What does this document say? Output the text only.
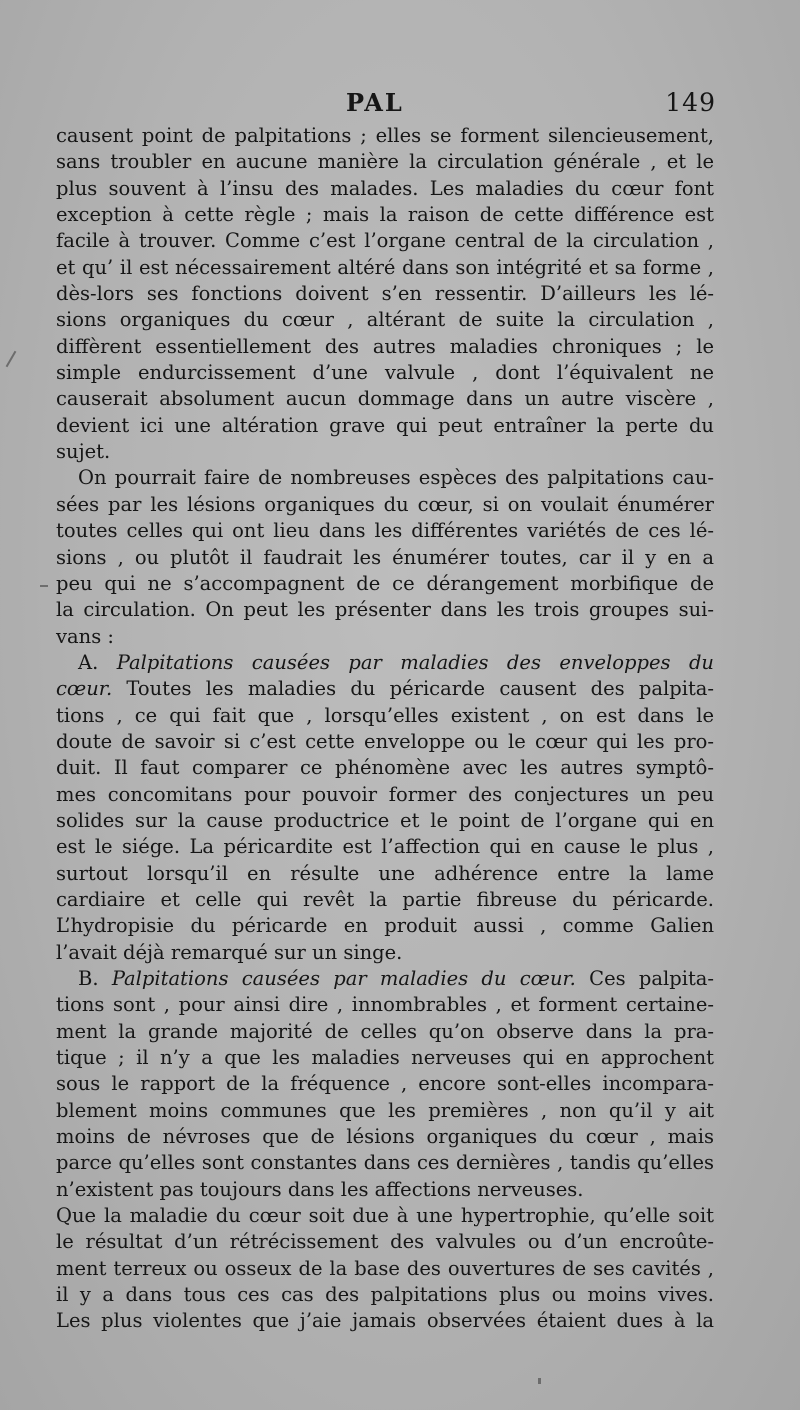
PAL	149
causent point de palpitations ; elles se forment silencieusement,
sans troubler en aucune manière la circulation générale , et le
plus souvent à l’insu des malades. Les maladies du cœur font
exception à cette règle ; mais la raison de cette différence est
facile à trouver. Comme c’est l’organe central de la circulation ,
et qu’ il est nécessairement altéré dans son intégrité et sa forme ,
dès-lors ses fonctions doivent s’en ressentir. D’ailleurs les lé-
sions organiques du cœur , altérant de suite la circulation ,
diffèrent essentiellement des autres maladies chroniques ; le
simple endurcissement d’une valvule , dont l’équivalent ne
causerait absolument aucun dommage dans un autre viscère ,
devient ici une altération grave qui peut entraîner la perte du
sujet.
On pourrait faire de nombreuses espèces des palpitations cau-
sées par les lésions organiques du cœur, si on voulait énumérer
toutes celles qui ont lieu dans les différentes variétés de ces lé-
sions , ou plutôt il faudrait les énumérer toutes, car il y en a
peu qui ne s’accompagnent de ce dérangement morbifique de
la circulation. On peut les présenter dans les trois groupes sui-
vans :
A. Palpitations causées par maladies des enveloppes du
cœur. Toutes les maladies du péricarde causent des palpita-
tions , ce qui fait que , lorsqu’elles existent , on est dans le
doute de savoir si c’est cette enveloppe ou le cœur qui les pro-
duit. Il faut comparer ce phénomène avec les autres symptô-
mes concomitans pour pouvoir former des conjectures un peu
solides sur la cause productrice et le point de l’organe qui en
est le siége. La péricardite est l’affection qui en cause le plus ,
surtout lorsqu’il en résulte une adhérence entre la lame
cardiaire et celle qui revêt la partie fibreuse du péricarde.
L’hydropisie du péricarde en produit aussi , comme Galien
l’avait déjà remarqué sur un singe.
B. Palpitations causées par maladies du cœur. Ces palpita-
tions sont , pour ainsi dire , innombrables , et forment certaine-
ment la grande majorité de celles qu’on observe dans la pra-
tique ; il n’y a que les maladies nerveuses qui en approchent
sous le rapport de la fréquence , encore sont-elles incompara-
blement moins communes que les premières , non qu’il y ait
moins de névroses que de lésions organiques du cœur , mais
parce qu’elles sont constantes dans ces dernières , tandis qu’elles
n’existent pas toujours dans les affections nerveuses.
Que la maladie du cœur soit due à une hypertrophie, qu’elle soit
le résultat d’un rétrécissement des valvules ou d’un encroûte-
ment terreux ou osseux de la base des ouvertures de ses cavités ,
il y a dans tous ces cas des palpitations plus ou moins vives.
Les plus violentes que j’aie jamais observées étaient dues à la
